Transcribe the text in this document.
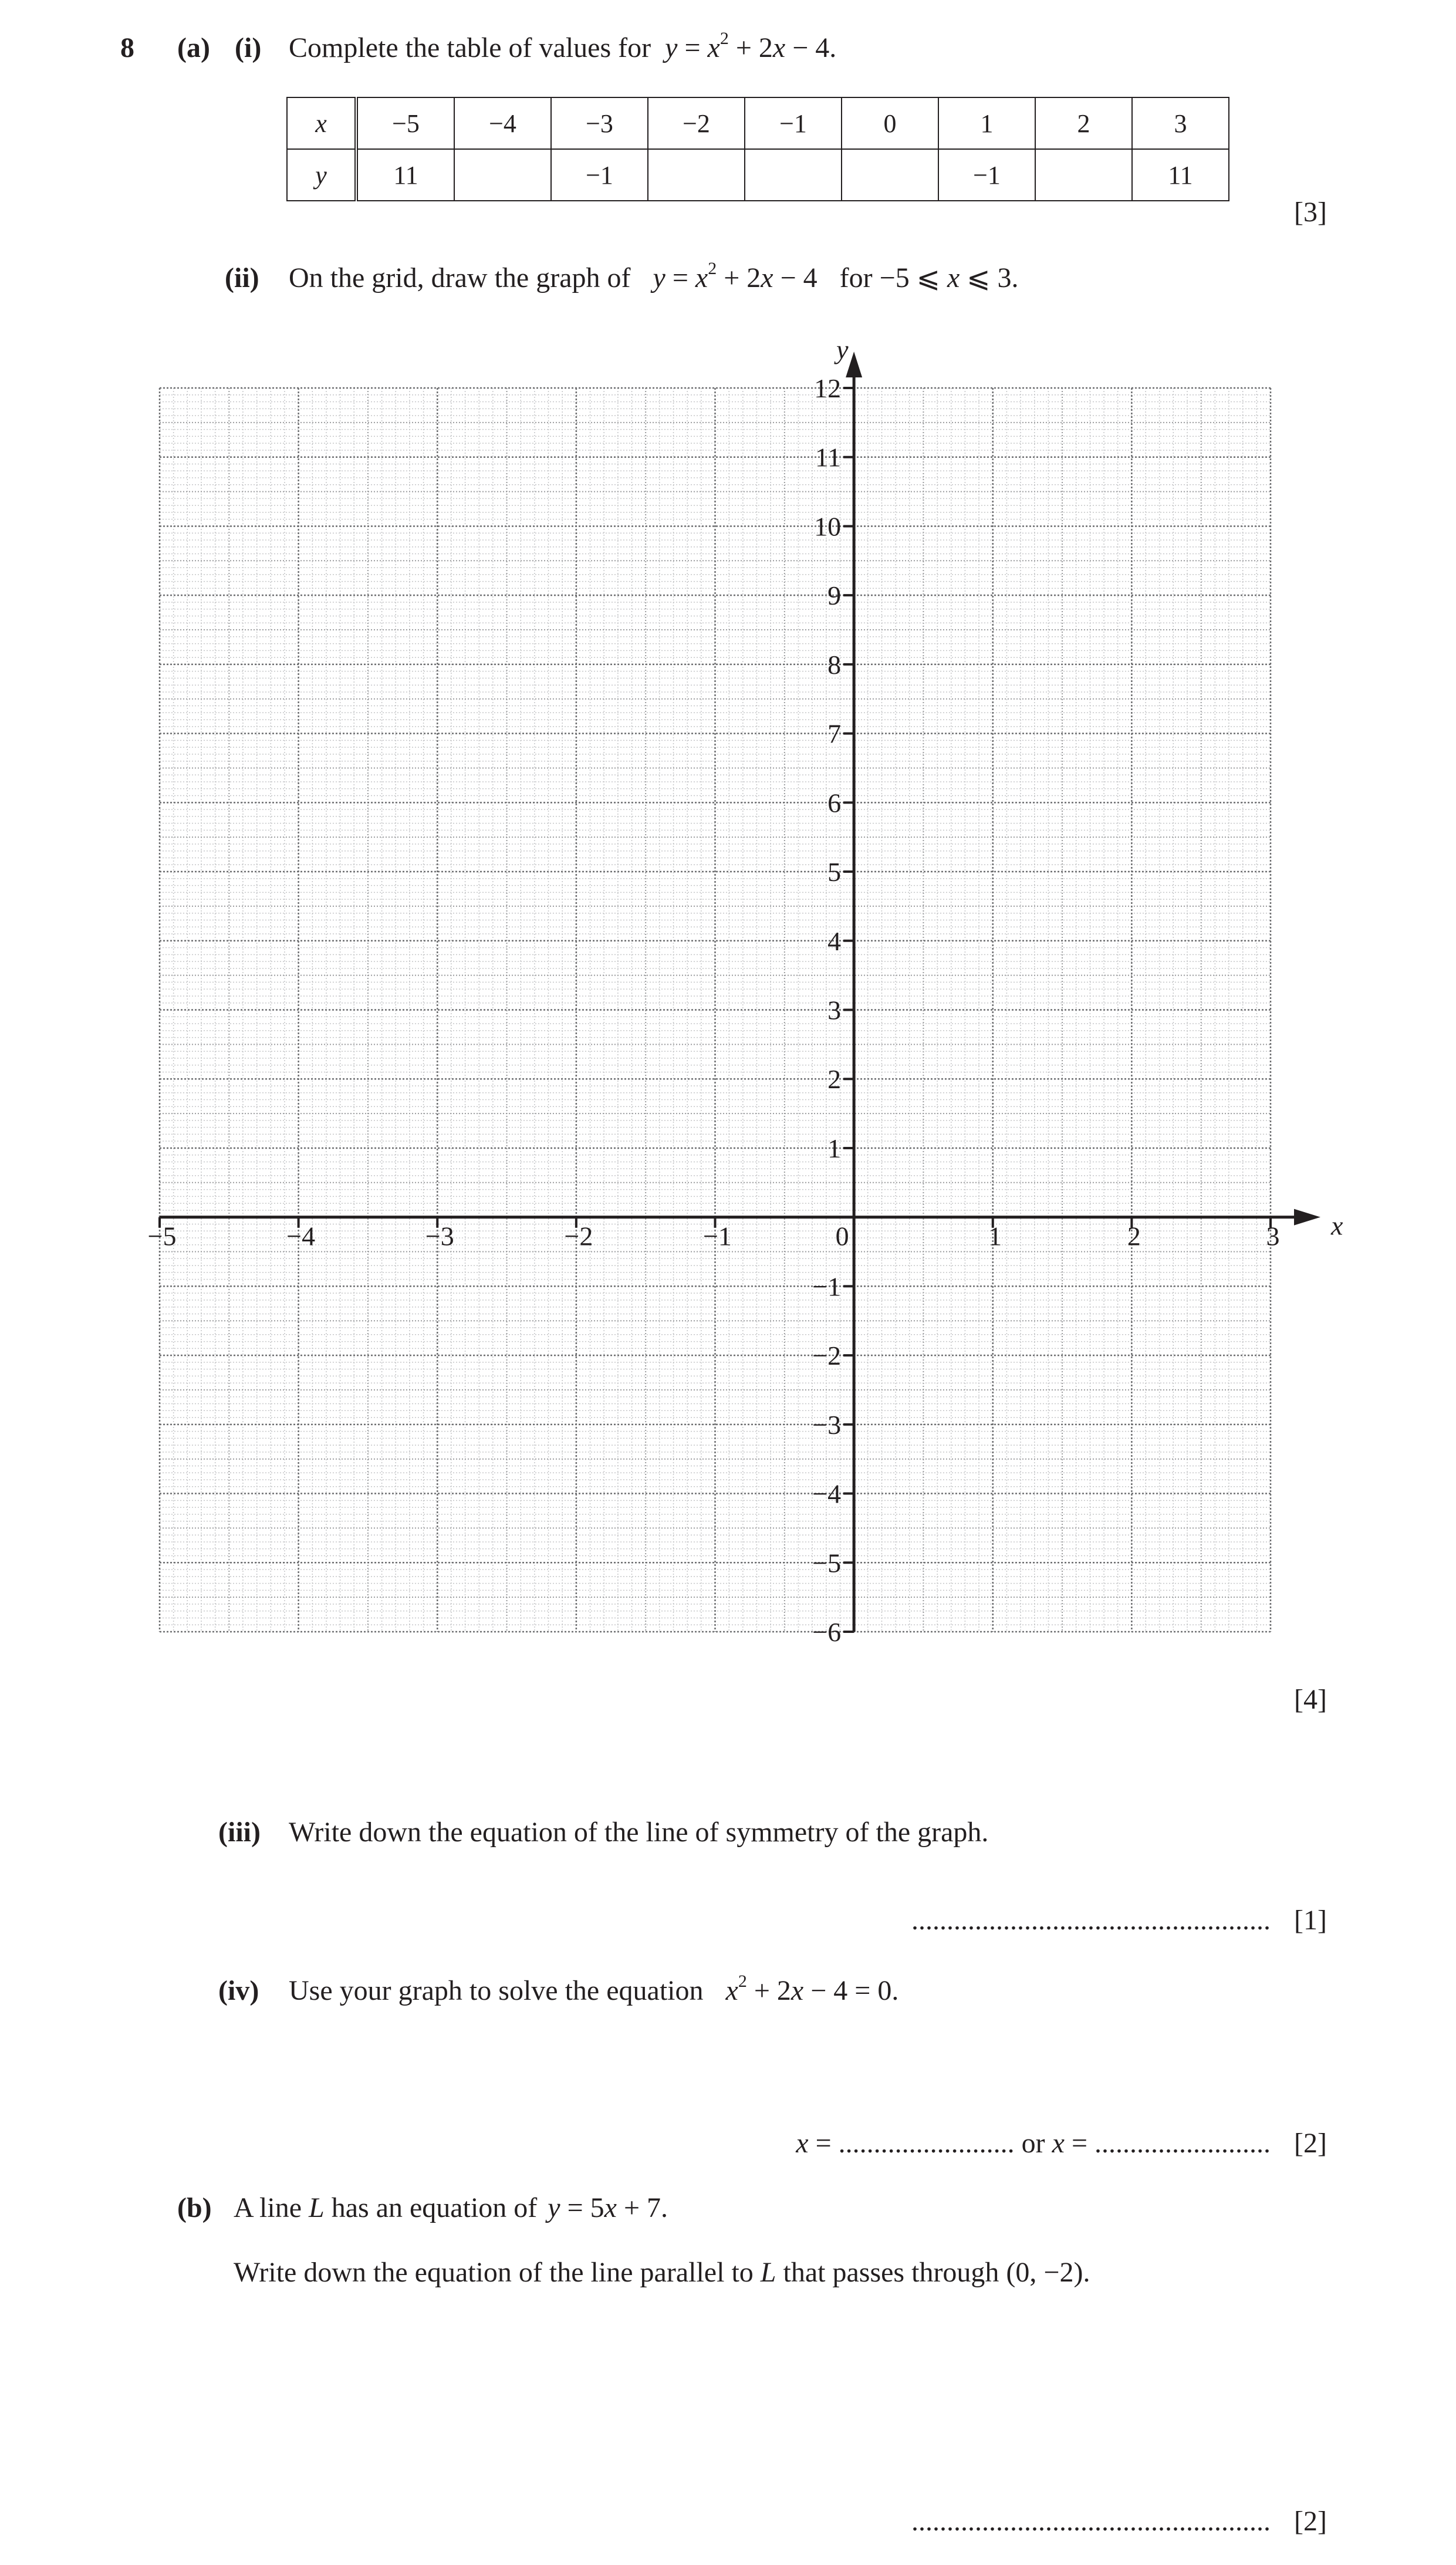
8 (a) (i) Complete the table of values for $y = x^2 + 2x - 4$.
x	−5	−4	−3	−2	−1	0	1	2	3
y	11		−1				−1		11
[3]
(ii) On the grid, draw the graph of $y = x^2 + 2x - 4$ for −5 ⩽ x ⩽ 3.
x
y
−5	−4	−3	−2	−1	0	1	2	3
−6
−5
−4
−3
−2
−1
1
2
3
4
5
6
7
8
9
10
11
12
[4]
(iii) Write down the equation of the line of symmetry of the graph.
................................................... [1]
(iv) Use your graph to solve the equation $x^2 + 2x - 4 = 0$.
x = ......................... or x = ......................... [2]
(b) A line L has an equation of y = 5x + 7.
Write down the equation of the line parallel to L that passes through (0, −2).
................................................... [2]
